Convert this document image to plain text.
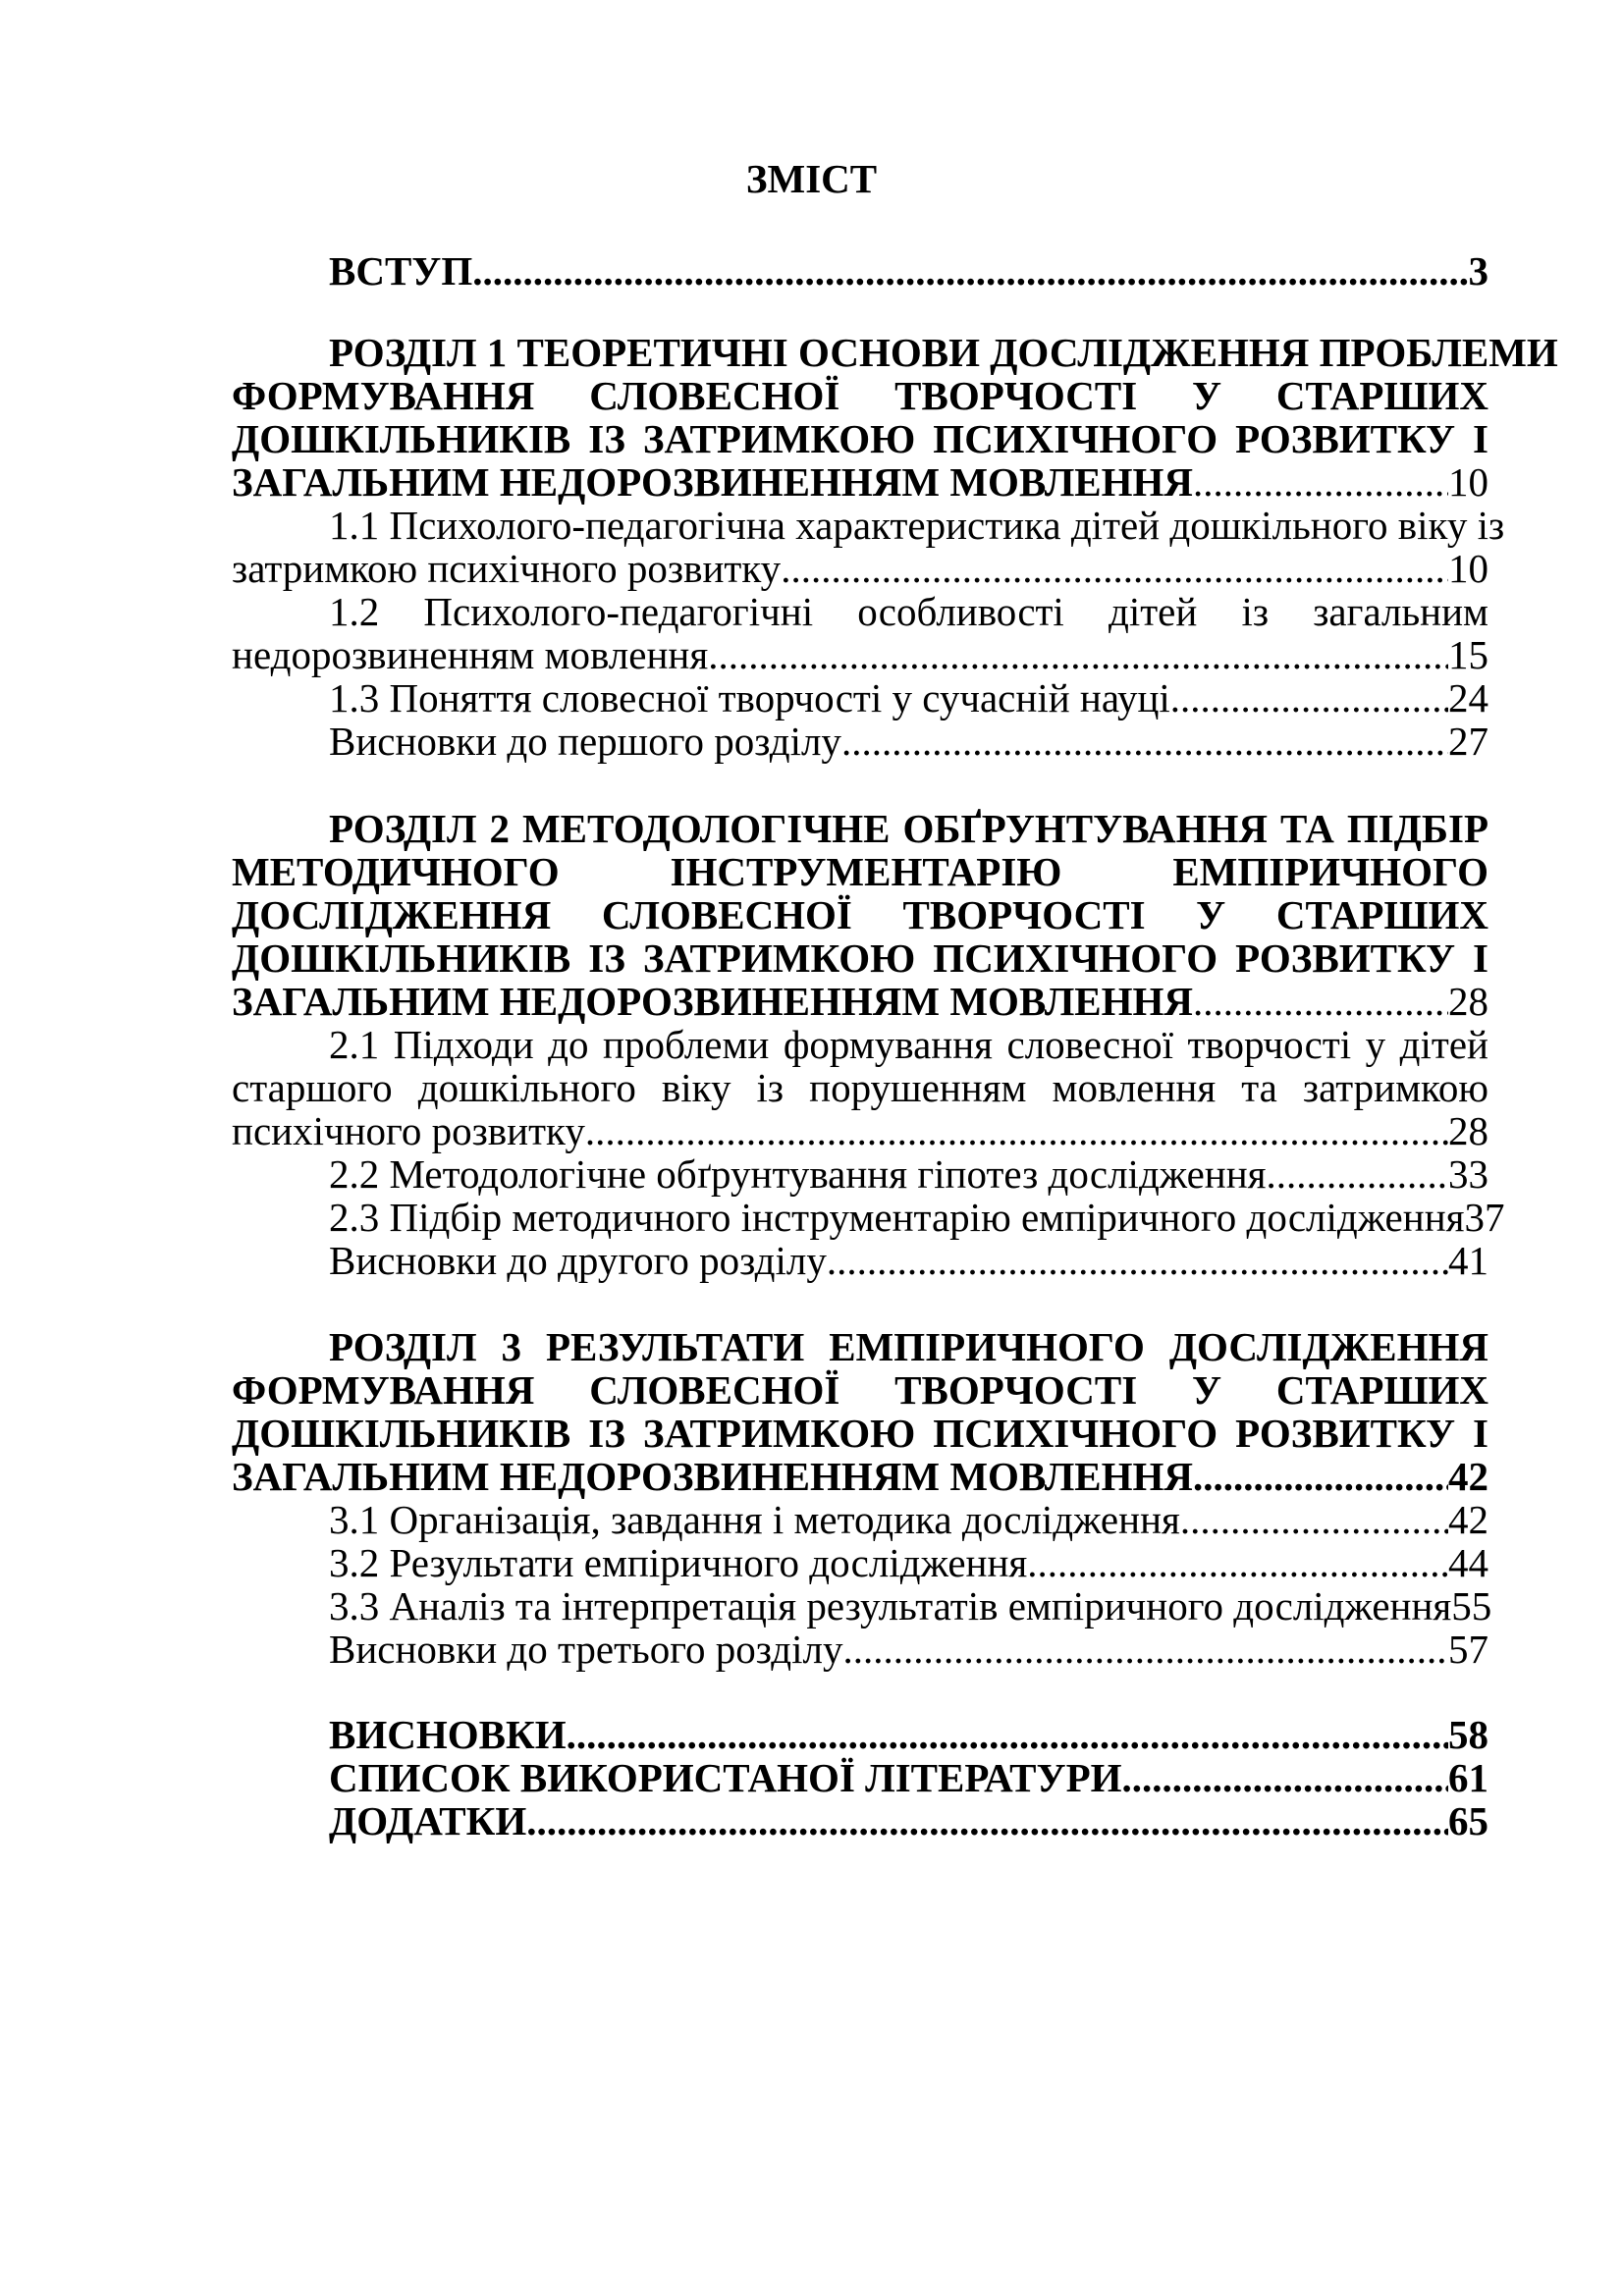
ЗМІСТ
ВСТУП .....	3
РОЗДІЛ 1 ТЕОРЕТИЧНІ ОСНОВИ ДОСЛІДЖЕННЯ ПРОБЛЕМИ
ФОРМУВАННЯ СЛОВЕСНОЇ ТВОРЧОСТІ У СТАРШИХ
ДОШКІЛЬНИКІВ ІЗ ЗАТРИМКОЮ ПСИХІЧНОГО РОЗВИТКУ І
ЗАГАЛЬНИМ НЕДОРОЗВИНЕННЯМ МОВЛЕННЯ .....	10
1.1 Психолого-педагогічна характеристика дітей дошкільного віку із
затримкою психічного розвитку .....	10
1.2 Психолого-педагогічні особливості дітей із загальним
недорозвиненням мовлення .....	15
1.3 Поняття словесної творчості у сучасній науці .....	24
Висновки до першого розділу .....	27
РОЗДІЛ 2 МЕТОДОЛОГІЧНЕ ОБҐРУНТУВАННЯ ТА ПІДБІР
МЕТОДИЧНОГО ІНСТРУМЕНТАРІЮ ЕМПІРИЧНОГО
ДОСЛІДЖЕННЯ СЛОВЕСНОЇ ТВОРЧОСТІ У СТАРШИХ
ДОШКІЛЬНИКІВ ІЗ ЗАТРИМКОЮ ПСИХІЧНОГО РОЗВИТКУ І
ЗАГАЛЬНИМ НЕДОРОЗВИНЕННЯМ МОВЛЕННЯ .....	28
2.1 Підходи до проблеми формування словесної творчості у дітей
старшого дошкільного віку із порушенням мовлення та затримкою
психічного розвитку .....	28
2.2 Методологічне обґрунтування гіпотез дослідження .....	33
2.3 Підбір методичного інструментарію емпіричного дослідження 37
Висновки до другого розділу .....	41
РОЗДІЛ 3 РЕЗУЛЬТАТИ ЕМПІРИЧНОГО ДОСЛІДЖЕННЯ
ФОРМУВАННЯ СЛОВЕСНОЇ ТВОРЧОСТІ У СТАРШИХ
ДОШКІЛЬНИКІВ ІЗ ЗАТРИМКОЮ ПСИХІЧНОГО РОЗВИТКУ І
ЗАГАЛЬНИМ НЕДОРОЗВИНЕННЯМ МОВЛЕННЯ .....	42
3.1 Організація, завдання і методика дослідження .....	42
3.2 Результати емпіричного дослідження .....	44
3.3 Аналіз та інтерпретація результатів емпіричного дослідження 55
Висновки до третього розділу .....	57
ВИСНОВКИ .....	58
СПИСОК ВИКОРИСТАНОЇ ЛІТЕРАТУРИ .....	61
ДОДАТКИ .....	65
